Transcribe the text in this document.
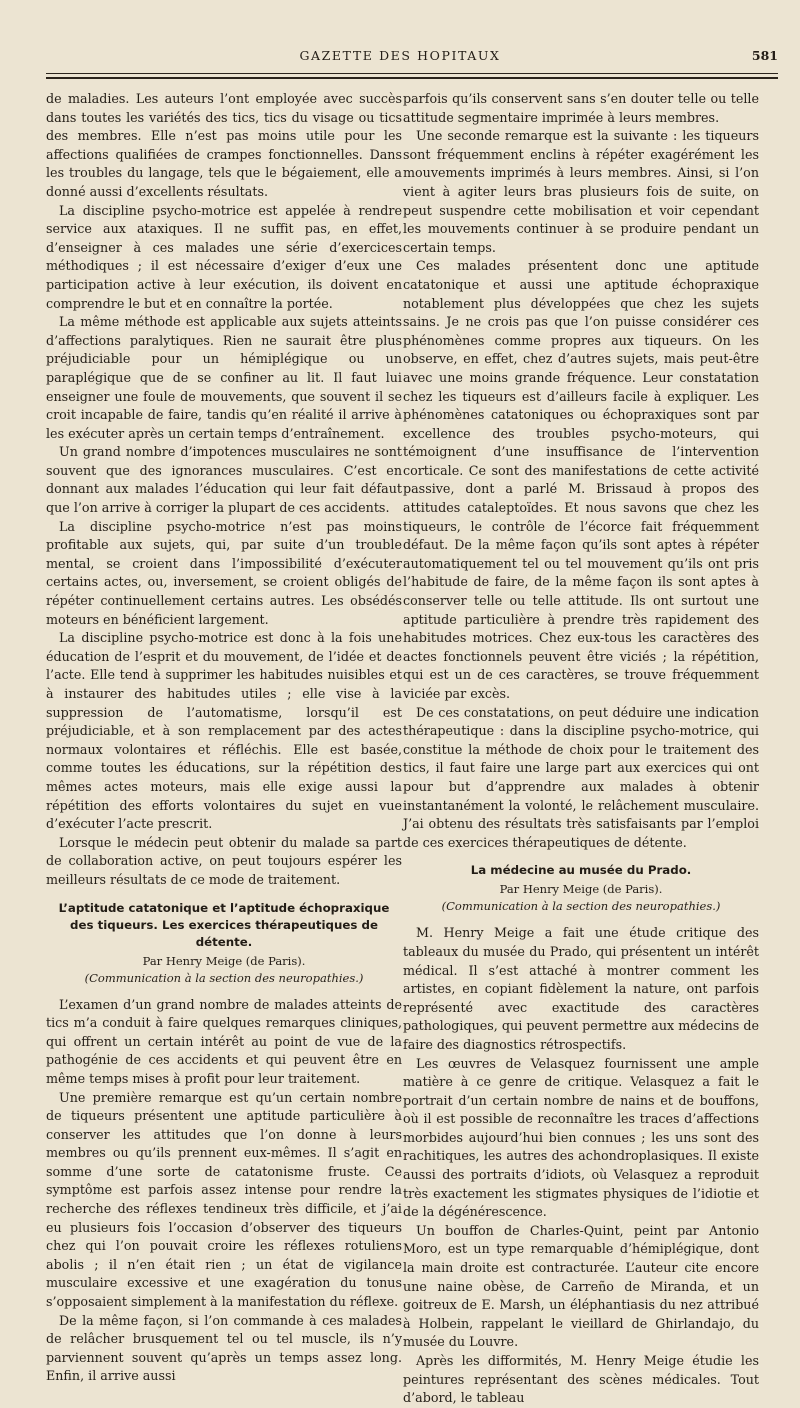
GAZETTE DES HOPITAUX	581

de maladies. Les auteurs l’ont employée avec succès dans toutes les variétés des tics, tics du visage ou tics des membres. Elle n’est pas moins utile pour les affections qualifiées de crampes fonctionnelles. Dans les troubles du langage, tels que le bégaiement, elle a donné aussi d’excellents résultats.

La discipline psycho-motrice est appelée à rendre service aux ataxiques. Il ne suffit pas, en effet, d’enseigner à ces malades une série d’exercices méthodiques ; il est nécessaire d’exiger d’eux une participation active à leur exécution, ils doivent en comprendre le but et en connaître la portée.

La même méthode est applicable aux sujets atteints d’affections paralytiques. Rien ne saurait être plus préjudiciable pour un hémiplégique ou un paraplégique que de se confiner au lit. Il faut lui enseigner une foule de mouvements, que souvent il se croit incapable de faire, tandis qu’en réalité il arrive à les exécuter après un certain temps d’entraînement.

Un grand nombre d’impotences musculaires ne sont souvent que des ignorances musculaires. C’est en donnant aux malades l’éducation qui leur fait défaut que l’on arrive à corriger la plupart de ces accidents.

La discipline psycho-motrice n’est pas moins profitable aux sujets, qui, par suite d’un trouble mental, se croient dans l’impossibilité d’exécuter certains actes, ou, inversement, se croient obligés de répéter continuellement certains autres. Les obsédés moteurs en bénéficient largement.

La discipline psycho-motrice est donc à la fois une éducation de l’esprit et du mouvement, de l’idée et de l’acte. Elle tend à supprimer les habitudes nuisibles et à instaurer des habitudes utiles ; elle vise à la suppression de l’automatisme, lorsqu’il est préjudiciable, et à son remplacement par des actes normaux volontaires et réfléchis. Elle est basée, comme toutes les éducations, sur la répétition des mêmes actes moteurs, mais elle exige aussi la répétition des efforts volontaires du sujet en vue d’exécuter l’acte prescrit.

Lorsque le médecin peut obtenir du malade sa part de collaboration active, on peut toujours espérer les meilleurs résultats de ce mode de traitement.

L’aptitude catatonique et l’aptitude échopraxique des tiqueurs. Les exercices thérapeutiques de détente.
Par Henry Meige (de Paris).
(Communication à la section des neuropathies.)

L’examen d’un grand nombre de malades atteints de tics m’a conduit à faire quelques remarques cliniques, qui offrent un certain intérêt au point de vue de la pathogénie de ces accidents et qui peuvent être en même temps mises à profit pour leur traitement.

Une première remarque est qu’un certain nombre de tiqueurs présentent une aptitude particulière à conserver les attitudes que l’on donne à leurs membres ou qu’ils prennent eux-mêmes. Il s’agit en somme d’une sorte de catatonisme fruste. Ce symptôme est parfois assez intense pour rendre la recherche des réflexes tendineux très difficile, et j’ai eu plusieurs fois l’occasion d’observer des tiqueurs chez qui l’on pouvait croire les réflexes rotuliens abolis ; il n’en était rien ; un état de vigilance musculaire excessive et une exagération du tonus s’opposaient simplement à la manifestation du réflexe.

De la même façon, si l’on commande à ces malades de relâcher brusquement tel ou tel muscle, ils n’y parviennent souvent qu’après un temps assez long. Enfin, il arrive aussi

parfois qu’ils conservent sans s’en douter telle ou telle attitude segmentaire imprimée à leurs membres.

Une seconde remarque est la suivante : les tiqueurs sont fréquemment enclins à répéter exagérément les mouvements imprimés à leurs membres. Ainsi, si l’on vient à agiter leurs bras plusieurs fois de suite, on peut suspendre cette mobilisation et voir cependant les mouvements continuer à se produire pendant un certain temps.

Ces malades présentent donc une aptitude catatonique et aussi une aptitude échopraxique notablement plus développées que chez les sujets sains. Je ne crois pas que l’on puisse considérer ces phénomènes comme propres aux tiqueurs. On les observe, en effet, chez d’autres sujets, mais peut-être avec une moins grande fréquence. Leur constatation chez les tiqueurs est d’ailleurs facile à expliquer. Les phénomènes catatoniques ou échopraxiques sont par excellence des troubles psycho-moteurs, qui témoignent d’une insuffisance de l’intervention corticale. Ce sont des manifestations de cette activité passive, dont a parlé M. Brissaud à propos des attitudes cataleptoïdes. Et nous savons que chez les tiqueurs, le contrôle de l’écorce fait fréquemment défaut. De la même façon qu’ils sont aptes à répéter automatiquement tel ou tel mouvement qu’ils ont pris l’habitude de faire, de la même façon ils sont aptes à conserver telle ou telle attitude. Ils ont surtout une aptitude particulière à prendre très rapidement des habitudes motrices. Chez eux-tous les caractères des actes fonctionnels peuvent être viciés ; la répétition, qui est un de ces caractères, se trouve fréquemment viciée par excès.

De ces constatations, on peut déduire une indication thérapeutique : dans la discipline psycho-motrice, qui constitue la méthode de choix pour le traitement des tics, il faut faire une large part aux exercices qui ont pour but d’apprendre aux malades à obtenir instantanément la volonté, le relâchement musculaire. J’ai obtenu des résultats très satisfaisants par l’emploi de ces exercices thérapeutiques de détente.

La médecine au musée du Prado.
Par Henry Meige (de Paris).
(Communication à la section des neuropathies.)

M. Henry Meige a fait une étude critique des tableaux du musée du Prado, qui présentent un intérêt médical. Il s’est attaché à montrer comment les artistes, en copiant fidèlement la nature, ont parfois représenté avec exactitude des caractères pathologiques, qui peuvent permettre aux médecins de faire des diagnostics rétrospectifs.

Les œuvres de Velasquez fournissent une ample matière à ce genre de critique. Velasquez a fait le portrait d’un certain nombre de nains et de bouffons, où il est possible de reconnaître les traces d’affections morbides aujourd’hui bien connues ; les uns sont des rachitiques, les autres des achondroplasiques. Il existe aussi des portraits d’idiots, où Velasquez a reproduit très exactement les stigmates physiques de l’idiotie et de la dégénérescence.

Un bouffon de Charles-Quint, peint par Antonio Moro, est un type remarquable d’hémiplégique, dont la main droite est contracturée. L’auteur cite encore une naine obèse, de Carreño de Miranda, et un goitreux de E. Marsh, un éléphantiasis du nez attribué à Holbein, rappelant le vieillard de Ghirlandajo, du musée du Louvre.

Après les difformités, M. Henry Meige étudie les peintures représentant des scènes médicales. Tout d’abord, le tableau
